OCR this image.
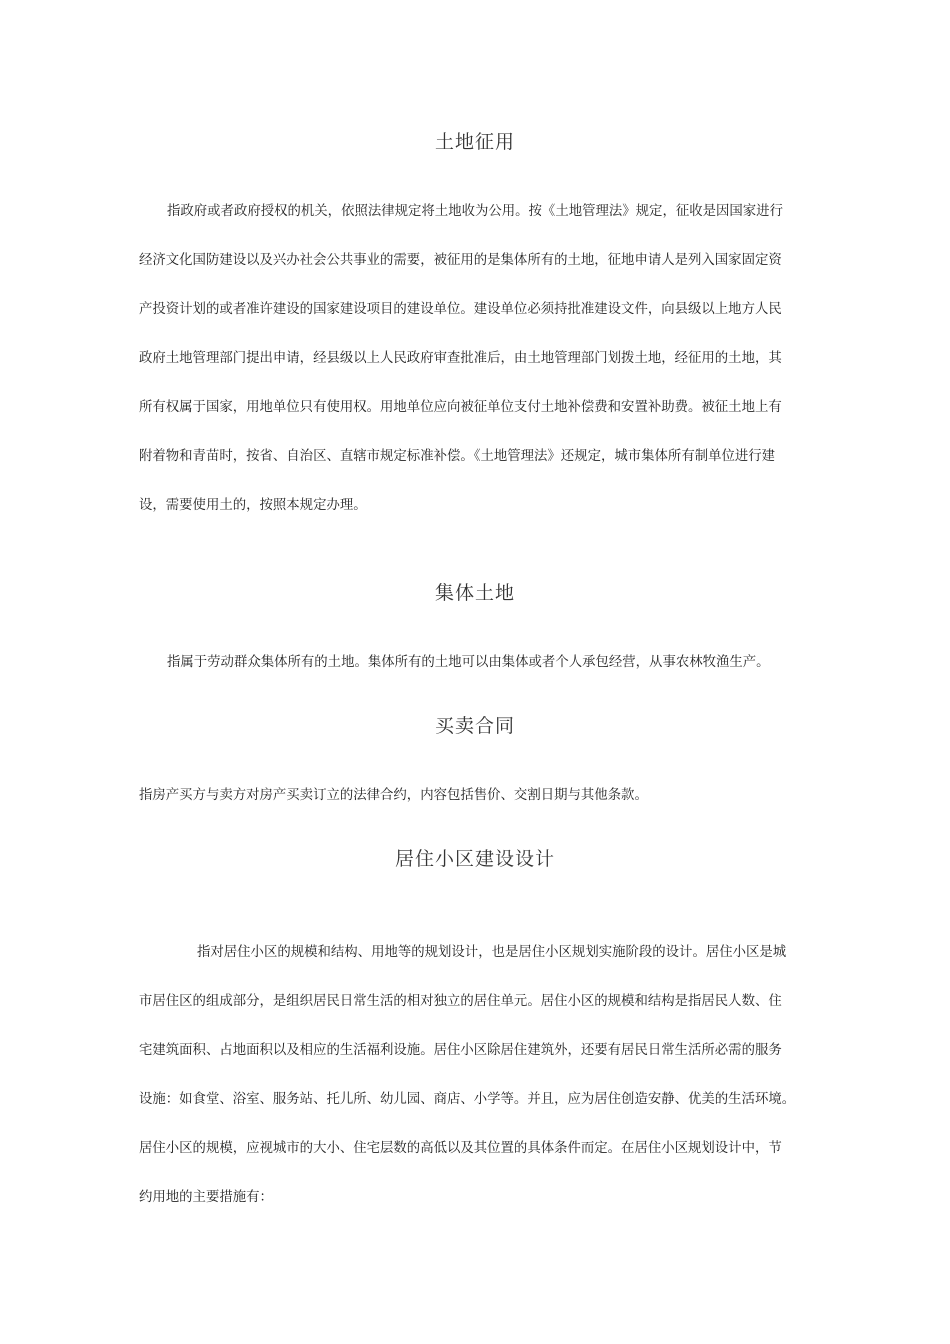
土地征用
指政府或者政府授权的机关，依照法律规定将土地收为公用。按《土地管理法》规定，征收是因国家进行
经济文化国防建设以及兴办社会公共事业的需要，被征用的是集体所有的土地，征地申请人是列入国家固定资
产投资计划的或者准许建设的国家建设项目的建设单位。建设单位必须持批准建设文件，向县级以上地方人民
政府土地管理部门提出申请，经县级以上人民政府审查批准后，由土地管理部门划拨土地，经征用的土地，其
所有权属于国家，用地单位只有使用权。用地单位应向被征单位支付土地补偿费和安置补助费。被征土地上有
附着物和青苗时，按省、自治区、直辖市规定标准补偿。《土地管理法》还规定，城市集体所有制单位进行建
设，需要使用土的，按照本规定办理。
集体土地
指属于劳动群众集体所有的土地。集体所有的土地可以由集体或者个人承包经营，从事农林牧渔生产。
买卖合同
指房产买方与卖方对房产买卖订立的法律合约，内容包括售价、交割日期与其他条款。
居住小区建设设计
指对居住小区的规模和结构、用地等的规划设计，也是居住小区规划实施阶段的设计。居住小区是城
市居住区的组成部分，是组织居民日常生活的相对独立的居住单元。居住小区的规模和结构是指居民人数、住
宅建筑面积、占地面积以及相应的生活福利设施。居住小区除居住建筑外，还要有居民日常生活所必需的服务
设施：如食堂、浴室、服务站、托儿所、幼儿园、商店、小学等。并且，应为居住创造安静、优美的生活环境。
居住小区的规模，应视城市的大小、住宅层数的高低以及其位置的具体条件而定。在居住小区规划设计中，节
约用地的主要措施有：
